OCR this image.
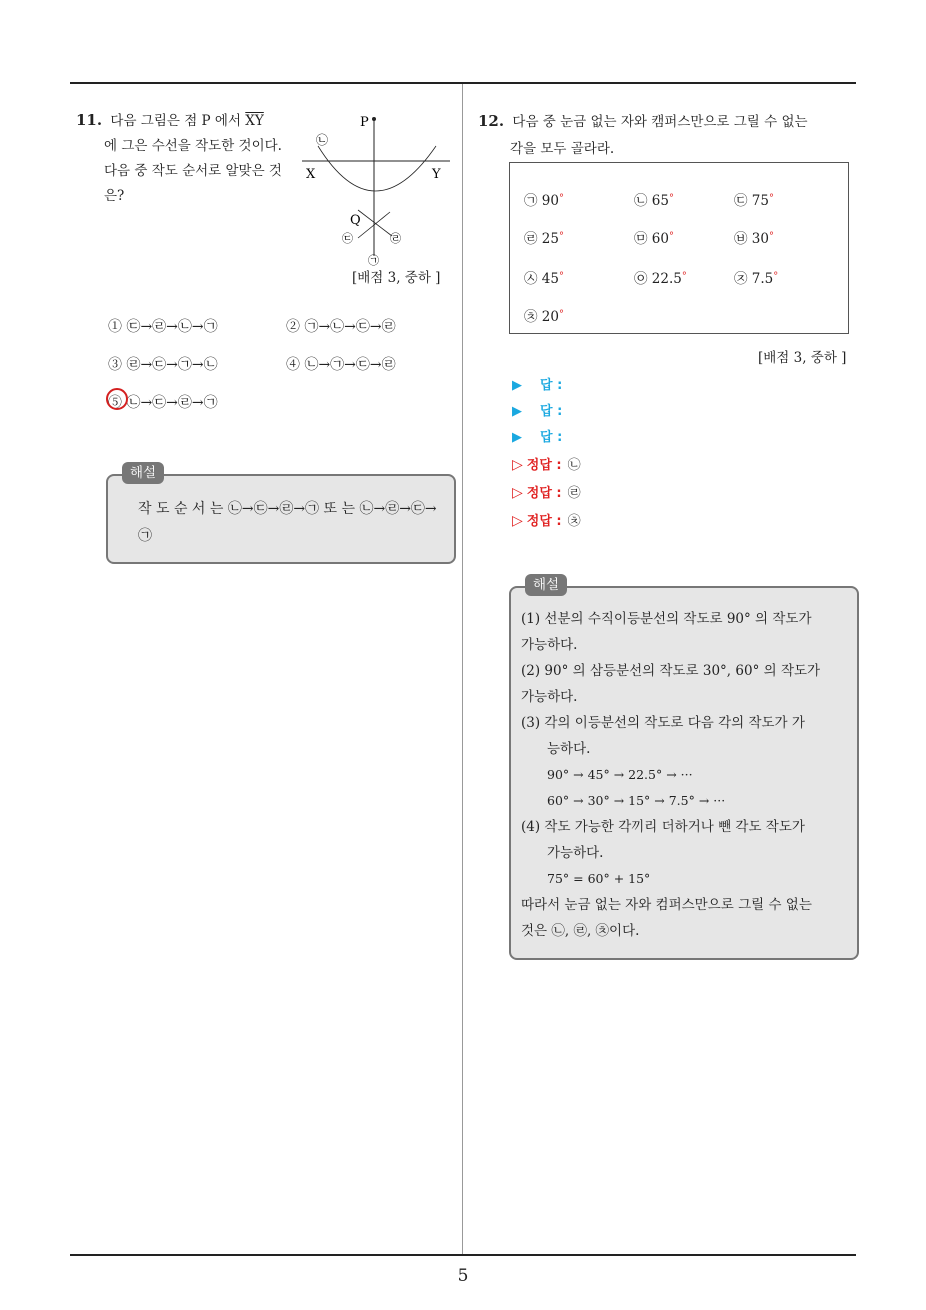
5
11. 다음 그림은 점 P 에서 $\overline{XY}$
에 그은 수선을 작도한 것이다. 다음 중 작도 순서로 알맞은 것은?
P
X	Y
Q
㉡
㉢	㉣
㉠
[배점 3, 중하 ]
① ㉢→㉣→㉡→㉠	② ㉠→㉡→㉢→㉣
③ ㉣→㉢→㉠→㉡	④ ㉡→㉠→㉢→㉣
⑤ ㉡→㉢→㉣→㉠
해설
작 도 순 서 는 ㉡→㉢→㉣→㉠ 또 는 ㉡→㉣→㉢→㉠
12. 다음 중 눈금 없는 자와 캠퍼스만으로 그릴 수 없는
각을 모두 골라라.
㉠ 90°	㉡ 65°	㉢ 75°
㉣ 25°	㉤ 60°	㉥ 30°
㉦ 45°	㉧ 22.5°	㉨ 7.5°
㉩ 20°
[배점 3, 중하 ]
▶ 답 :
▶ 답 :
▶ 답 :
▷ 정답 : ㉡
▷ 정답 : ㉣
▷ 정답 : ㉩
해설
(1) 선분의 수직이등분선의 작도로 90° 의 작도가
가능하다.
(2) 90° 의 삼등분선의 작도로 30°, 60° 의 작도가
가능하다.
(3) 각의 이등분선의 작도로 다음 각의 작도가 가
능하다.
90° → 45° → 22.5° → ···
60° → 30° → 15° → 7.5° → ···
(4) 작도 가능한 각끼리 더하거나 뺀 각도 작도가
가능하다.
75° = 60° + 15°
따라서 눈금 없는 자와 컴퍼스만으로 그릴 수 없는
것은 ㉡, ㉣, ㉩이다.
